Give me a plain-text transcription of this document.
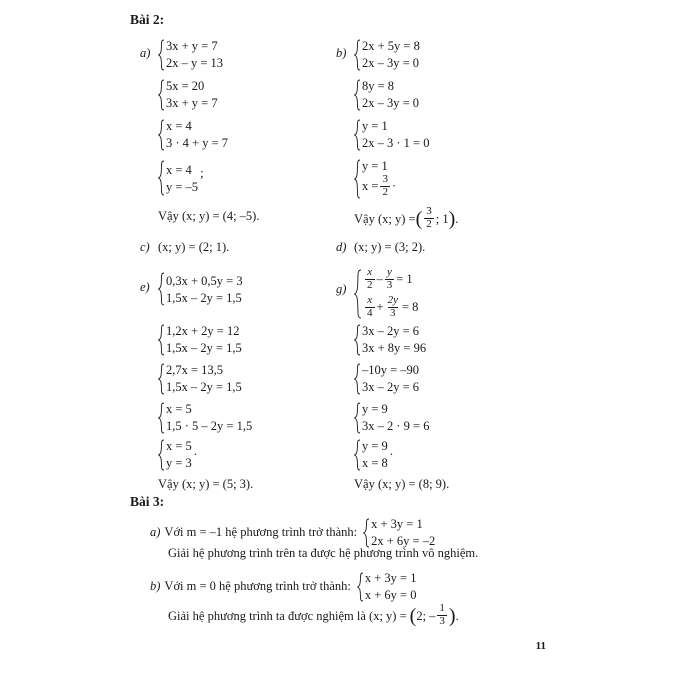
Bài 2:
a)	3x + y = 7
2x – y = 13
5x = 20
3x + y = 7
x = 4
3 · 4 + y = 7
x = 4
y = –5
;
Vậy (x; y) = (4; –5).
c) (x; y) = (2; 1).
e)	0,3x + 0,5y = 3
1,5x – 2y = 1,5
1,2x + 2y = 12
1,5x – 2y = 1,5
2,7x = 13,5
1,5x – 2y = 1,5
x = 5
1,5 · 5 – 2y = 1,5
x = 5
y = 3
.
Vậy (x; y) = (5; 3).
b)	2x + 5y = 8
2x – 3y = 0
8y = 8
2x – 3y = 0
y = 1
2x – 3 · 1 = 0
y = 1
$x = \frac{3}{2}$ ·
Vậy (x; y) = ( $\frac{3}{2}$ ; 1 ) .
d) (x; y) = (3; 2).
g)	$\frac{x}{2} - \frac{y}{3} = 1$
$\frac{x}{4} + \frac{2y}{3} = 8$
3x – 2y = 6
3x + 8y = 96
–10y = –90
3x – 2y = 6
y = 9
3x – 2 · 9 = 6
y = 9
x = 8
.
Vậy (x; y) = (8; 9).
Bài 3:
a) Với m = –1 hệ phương trình trở thành:
x + 3y = 1
2x + 6y = –2
Giải hệ phương trình trên ta được hệ phương trình vô nghiệm.
b) Với m = 0 hệ phương trình trở thành:
x + 3y = 1
x + 6y = 0
Giải hệ phương trình ta được nghiệm là (x; y) = ( 2; – $\frac{1}{3}$ ) .
11
